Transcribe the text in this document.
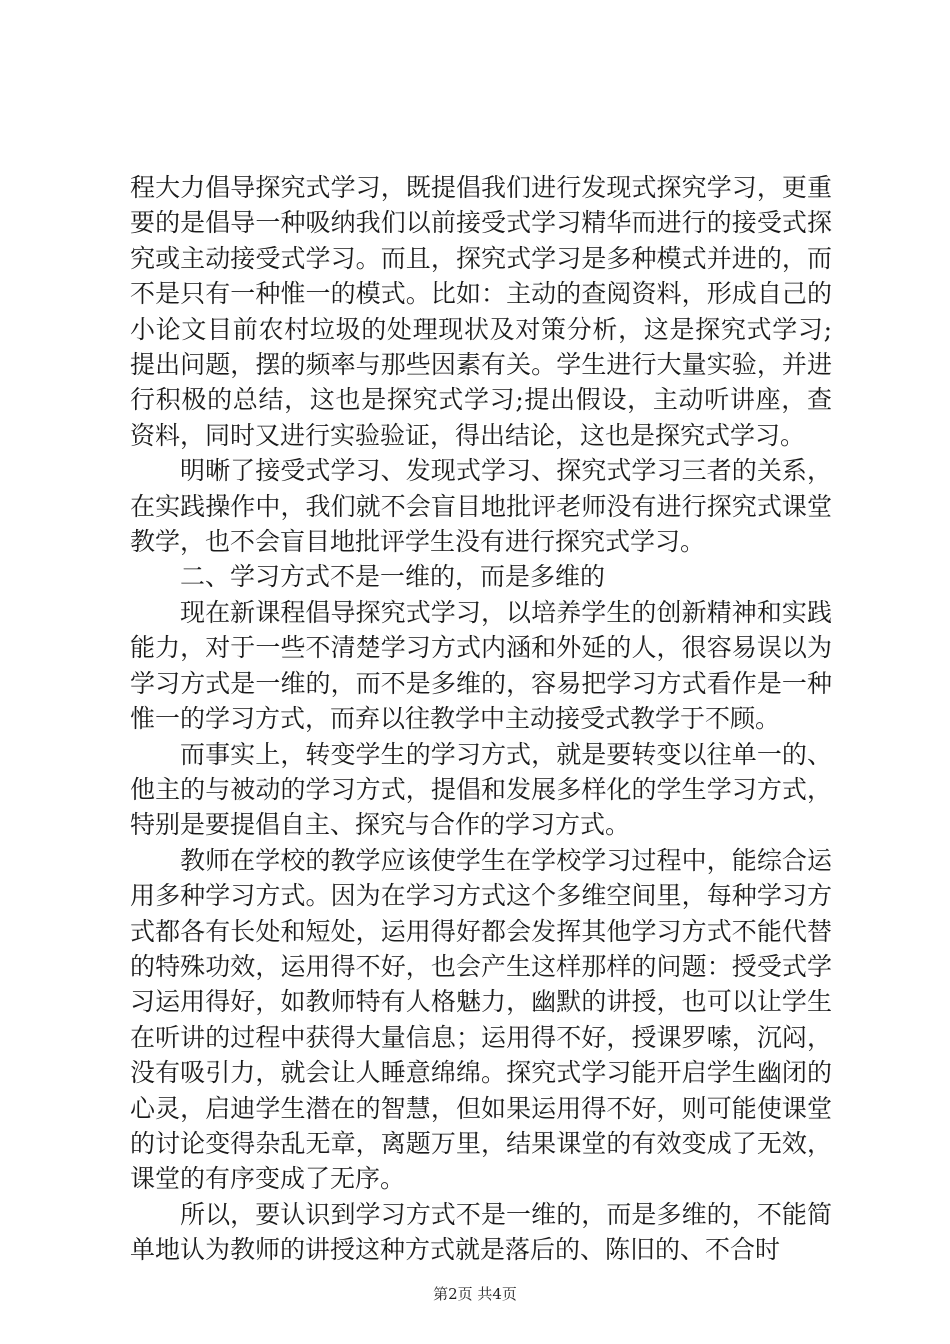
程大力倡导探究式学习，既提倡我们进行发现式探究学习，更重要的是倡导一种吸纳我们以前接受式学习精华而进行的接受式探究或主动接受式学习。而且，探究式学习是多种模式并进的，而不是只有一种惟一的模式。比如：主动的查阅资料，形成自己的小论文目前农村垃圾的处理现状及对策分析，这是探究式学习;提出问题，摆的频率与那些因素有关。学生进行大量实验，并进行积极的总结，这也是探究式学习;提出假设，主动听讲座，查资料，同时又进行实验验证，得出结论，这也是探究式学习。

明晰了接受式学习、发现式学习、探究式学习三者的关系，在实践操作中，我们就不会盲目地批评老师没有进行探究式课堂教学，也不会盲目地批评学生没有进行探究式学习。

二、学习方式不是一维的，而是多维的

现在新课程倡导探究式学习，以培养学生的创新精神和实践能力，对于一些不清楚学习方式内涵和外延的人，很容易误以为学习方式是一维的，而不是多维的，容易把学习方式看作是一种惟一的学习方式，而弃以往教学中主动接受式教学于不顾。

而事实上，转变学生的学习方式，就是要转变以往单一的、他主的与被动的学习方式，提倡和发展多样化的学生学习方式，特别是要提倡自主、探究与合作的学习方式。

教师在学校的教学应该使学生在学校学习过程中，能综合运用多种学习方式。因为在学习方式这个多维空间里，每种学习方式都各有长处和短处，运用得好都会发挥其他学习方式不能代替的特殊功效，运用得不好，也会产生这样那样的问题：授受式学习运用得好，如教师特有人格魅力，幽默的讲授，也可以让学生在听讲的过程中获得大量信息；运用得不好，授课罗嗦，沉闷，没有吸引力，就会让人睡意绵绵。探究式学习能开启学生幽闭的心灵，启迪学生潜在的智慧，但如果运用得不好，则可能使课堂的讨论变得杂乱无章，离题万里，结果课堂的有效变成了无效，课堂的有序变成了无序。

所以，要认识到学习方式不是一维的，而是多维的，不能简单地认为教师的讲授这种方式就是落后的、陈旧的、不合时

第2页 共4页
